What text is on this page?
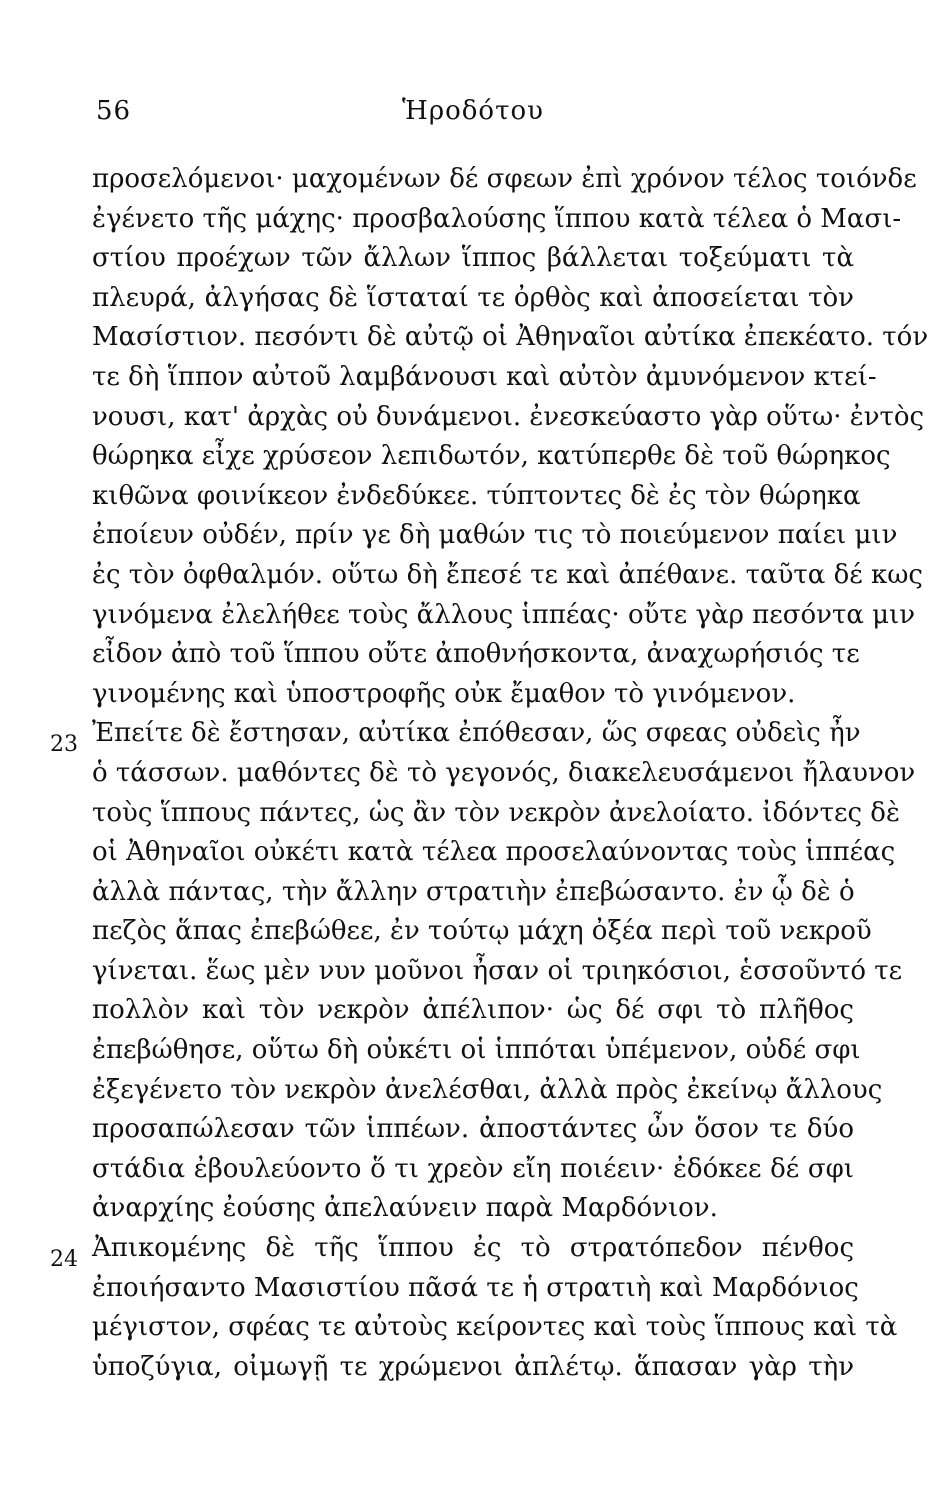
56	Ἡροδότου
23
24
προσελόμενοι· μαχομένων δέ σφεων ἐπὶ χρόνον τέλος τοιόνδε
ἐγένετο τῆς μάχης· προσβαλούσης ἵππου κατὰ τέλεα ὁ Μασι-
στίου προέχων τῶν ἄλλων ἵππος βάλλεται τοξεύματι τὰ
πλευρά, ἀλγήσας δὲ ἵσταταί τε ὀρθὸς καὶ ἀποσείεται τὸν
Μασίστιον. πεσόντι δὲ αὐτῷ οἱ Ἀθηναῖοι αὐτίκα ἐπεκέατο. τόν
τε δὴ ἵππον αὐτοῦ λαμβάνουσι καὶ αὐτὸν ἀμυνόμενον κτεί-
νουσι, κατ' ἀρχὰς οὐ δυνάμενοι. ἐνεσκεύαστο γὰρ οὕτω· ἐντὸς
θώρηκα εἶχε χρύσεον λεπιδωτόν, κατύπερθε δὲ τοῦ θώρηκος
κιθῶνα φοινίκεον ἐνδεδύκεε. τύπτοντες δὲ ἐς τὸν θώρηκα
ἐποίευν οὐδέν, πρίν γε δὴ μαθών τις τὸ ποιεύμενον παίει μιν
ἐς τὸν ὀφθαλμόν. οὕτω δὴ ἔπεσέ τε καὶ ἀπέθανε. ταῦτα δέ κως
γινόμενα ἐλελήθεε τοὺς ἄλλους ἱππέας· οὔτε γὰρ πεσόντα μιν
εἶδον ἀπὸ τοῦ ἵππου οὔτε ἀποθνήσκοντα, ἀναχωρήσιός τε
γινομένης καὶ ὑποστροφῆς οὐκ ἔμαθον τὸ γινόμενον.
Ἐπείτε δὲ ἔστησαν, αὐτίκα ἐπόθεσαν, ὥς σφεας οὐδεὶς ἦν
ὁ τάσσων. μαθόντες δὲ τὸ γεγονός, διακελευσάμενοι ἤλαυνον
τοὺς ἵππους πάντες, ὡς ἂν τὸν νεκρὸν ἀνελοίατο. ἰδόντες δὲ
οἱ Ἀθηναῖοι οὐκέτι κατὰ τέλεα προσελαύνοντας τοὺς ἱππέας
ἀλλὰ πάντας, τὴν ἄλλην στρατιὴν ἐπεβώσαντο. ἐν ᾧ δὲ ὁ
πεζὸς ἅπας ἐπεβώθεε, ἐν τούτῳ μάχη ὀξέα περὶ τοῦ νεκροῦ
γίνεται. ἕως μὲν νυν μοῦνοι ἦσαν οἱ τριηκόσιοι, ἑσσοῦντό τε
πολλὸν καὶ τὸν νεκρὸν ἀπέλιπον· ὡς δέ σφι τὸ πλῆθος
ἐπεβώθησε, οὕτω δὴ οὐκέτι οἱ ἱππόται ὑπέμενον, οὐδέ σφι
ἐξεγένετο τὸν νεκρὸν ἀνελέσθαι, ἀλλὰ πρὸς ἐκείνῳ ἄλλους
προσαπώλεσαν τῶν ἱππέων. ἀποστάντες ὦν ὅσον τε δύο
στάδια ἐβουλεύοντο ὅ τι χρεὸν εἴη ποιέειν· ἐδόκεε δέ σφι
ἀναρχίης ἐούσης ἀπελαύνειν παρὰ Μαρδόνιον.
Ἀπικομένης δὲ τῆς ἵππου ἐς τὸ στρατόπεδον πένθος
ἐποιήσαντο Μασιστίου πᾶσά τε ἡ στρατιὴ καὶ Μαρδόνιος
μέγιστον, σφέας τε αὐτοὺς κείροντες καὶ τοὺς ἵππους καὶ τὰ
ὑποζύγια, οἰμωγῇ τε χρώμενοι ἀπλέτῳ. ἅπασαν γὰρ τὴν
